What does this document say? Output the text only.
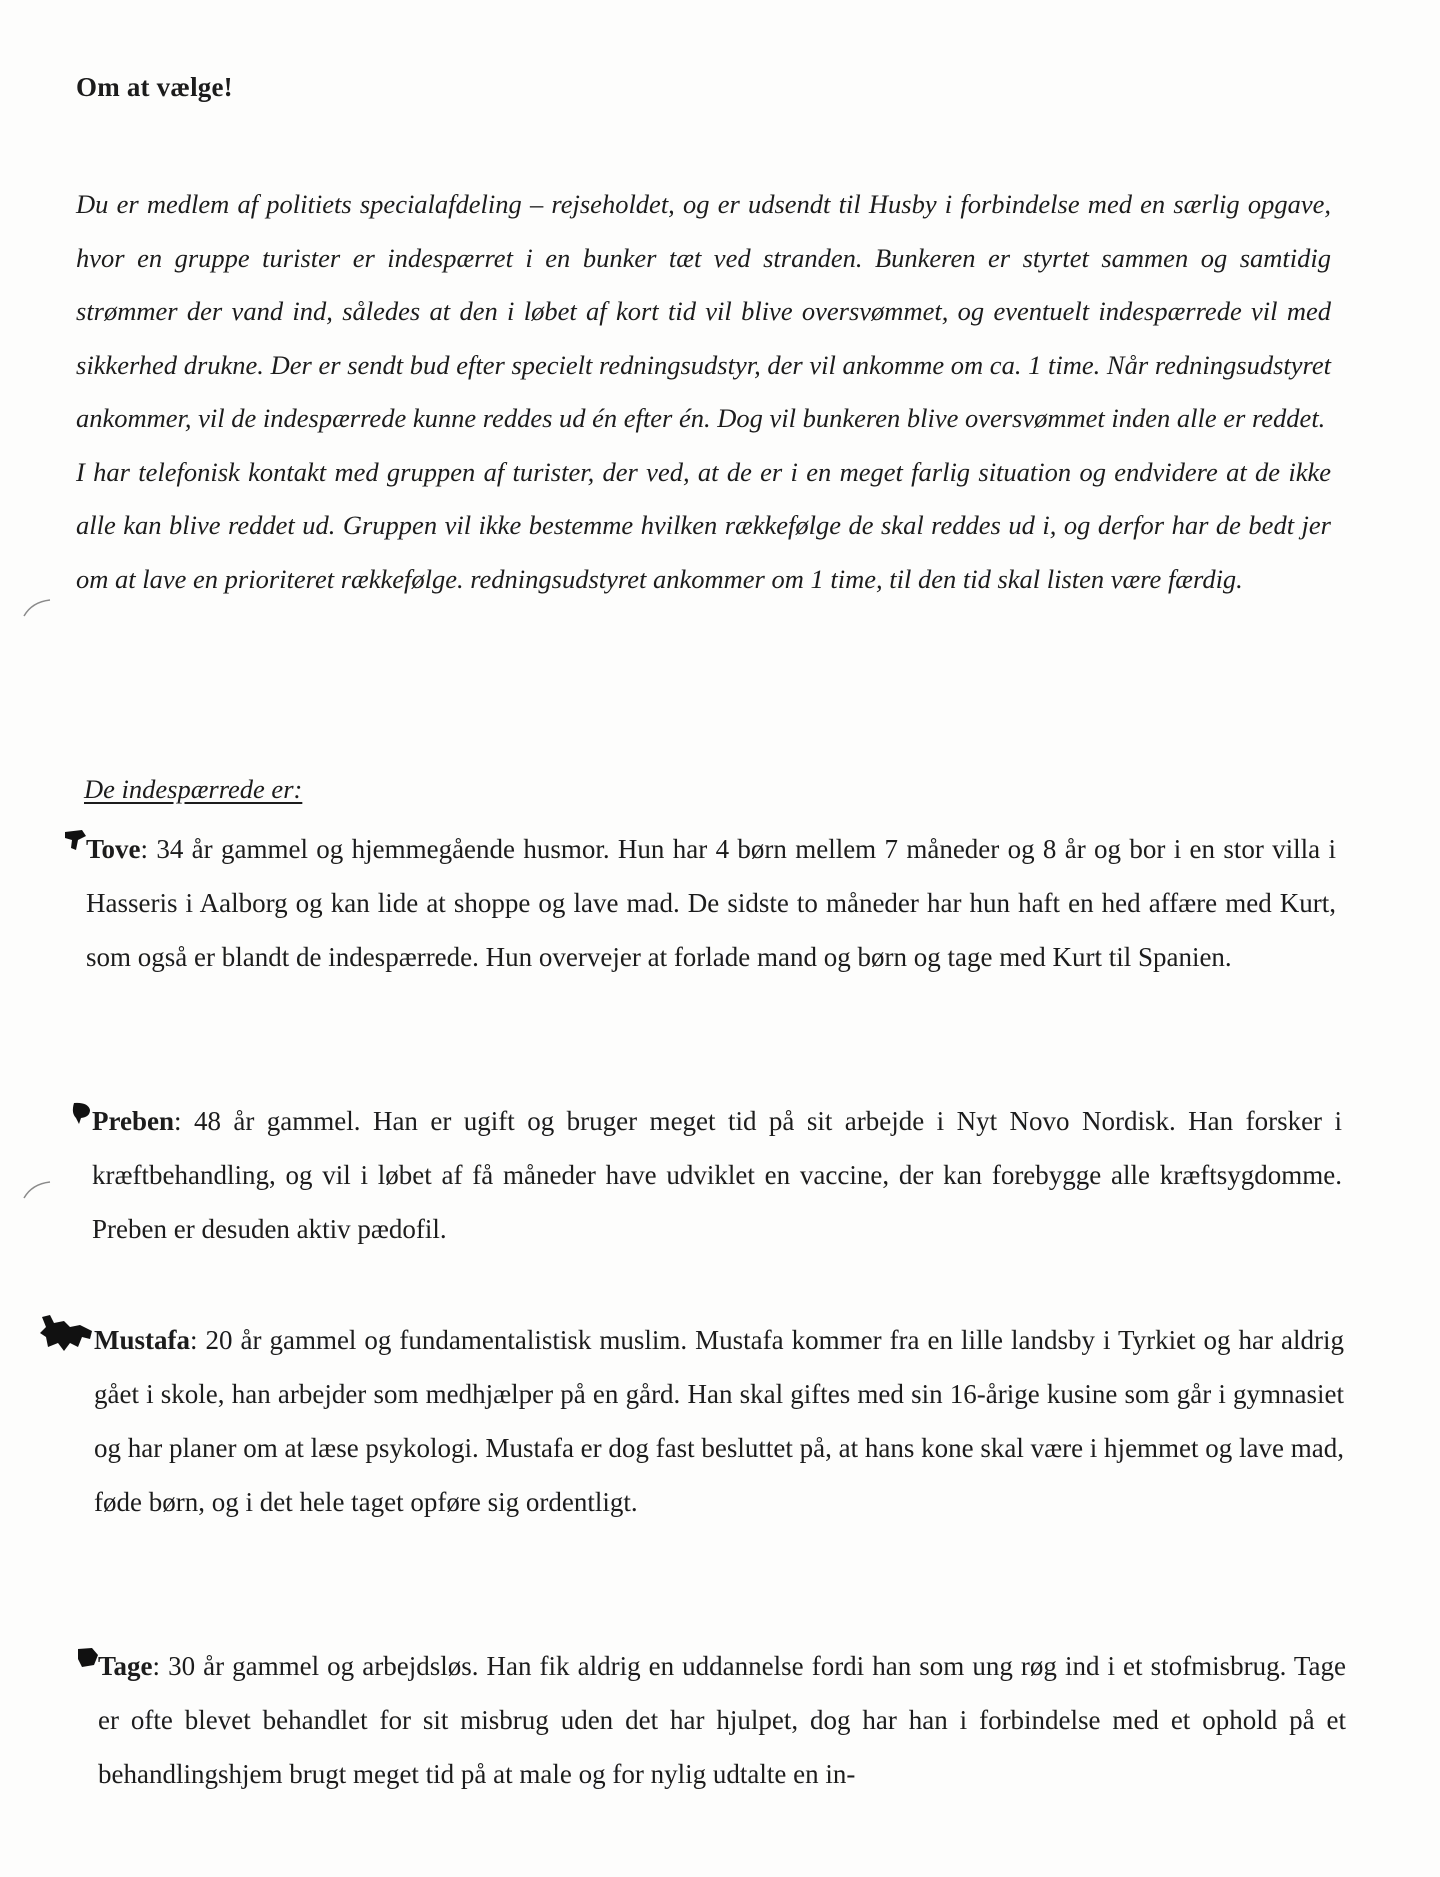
Om at vælge!

Du er medlem af politiets specialafdeling – rejseholdet, og er udsendt til Husby i forbindelse med en særlig opgave, hvor en gruppe turister er indespærret i en bunker tæt ved stranden. Bunkeren er styrtet sammen og samtidig strømmer der vand ind, således at den i løbet af kort tid vil blive oversvømmet, og eventuelt indespærrede vil med sikkerhed drukne. Der er sendt bud efter specielt redningsudstyr, der vil ankomme om ca. 1 time. Når redningsudstyret ankommer, vil de indespærrede kunne reddes ud én efter én. Dog vil bunkeren blive oversvømmet inden alle er reddet.

I har telefonisk kontakt med gruppen af turister, der ved, at de er i en meget farlig situation og endvidere at de ikke alle kan blive reddet ud. Gruppen vil ikke bestemme hvilken rækkefølge de skal reddes ud i, og derfor har de bedt jer om at lave en prioriteret rækkefølge. redningsudstyret ankommer om 1 time, til den tid skal listen være færdig.

De indespærrede er:

Tove: 34 år gammel og hjemmegående husmor. Hun har 4 børn mellem 7 måneder og 8 år og bor i en stor villa i Hasseris i Aalborg og kan lide at shoppe og lave mad. De sidste to måneder har hun haft en hed affære med Kurt, som også er blandt de indespærrede. Hun overvejer at forlade mand og børn og tage med Kurt til Spanien.

Preben: 48 år gammel. Han er ugift og bruger meget tid på sit arbejde i Nyt Novo Nordisk. Han forsker i kræftbehandling, og vil i løbet af få måneder have udviklet en vaccine, der kan forebygge alle kræftsygdomme. Preben er desuden aktiv pædofil.

Mustafa: 20 år gammel og fundamentalistisk muslim. Mustafa kommer fra en lille landsby i Tyrkiet og har aldrig gået i skole, han arbejder som medhjælper på en gård. Han skal giftes med sin 16-årige kusine som går i gymnasiet og har planer om at læse psykologi. Mustafa er dog fast besluttet på, at hans kone skal være i hjemmet og lave mad, føde børn, og i det hele taget opføre sig ordentligt.

Tage: 30 år gammel og arbejdsløs. Han fik aldrig en uddannelse fordi han som ung røg ind i et stofmisbrug. Tage er ofte blevet behandlet for sit misbrug uden det har hjulpet, dog har han i forbindelse med et ophold på et behandlingshjem brugt meget tid på at male og for nylig udtalte en in-
